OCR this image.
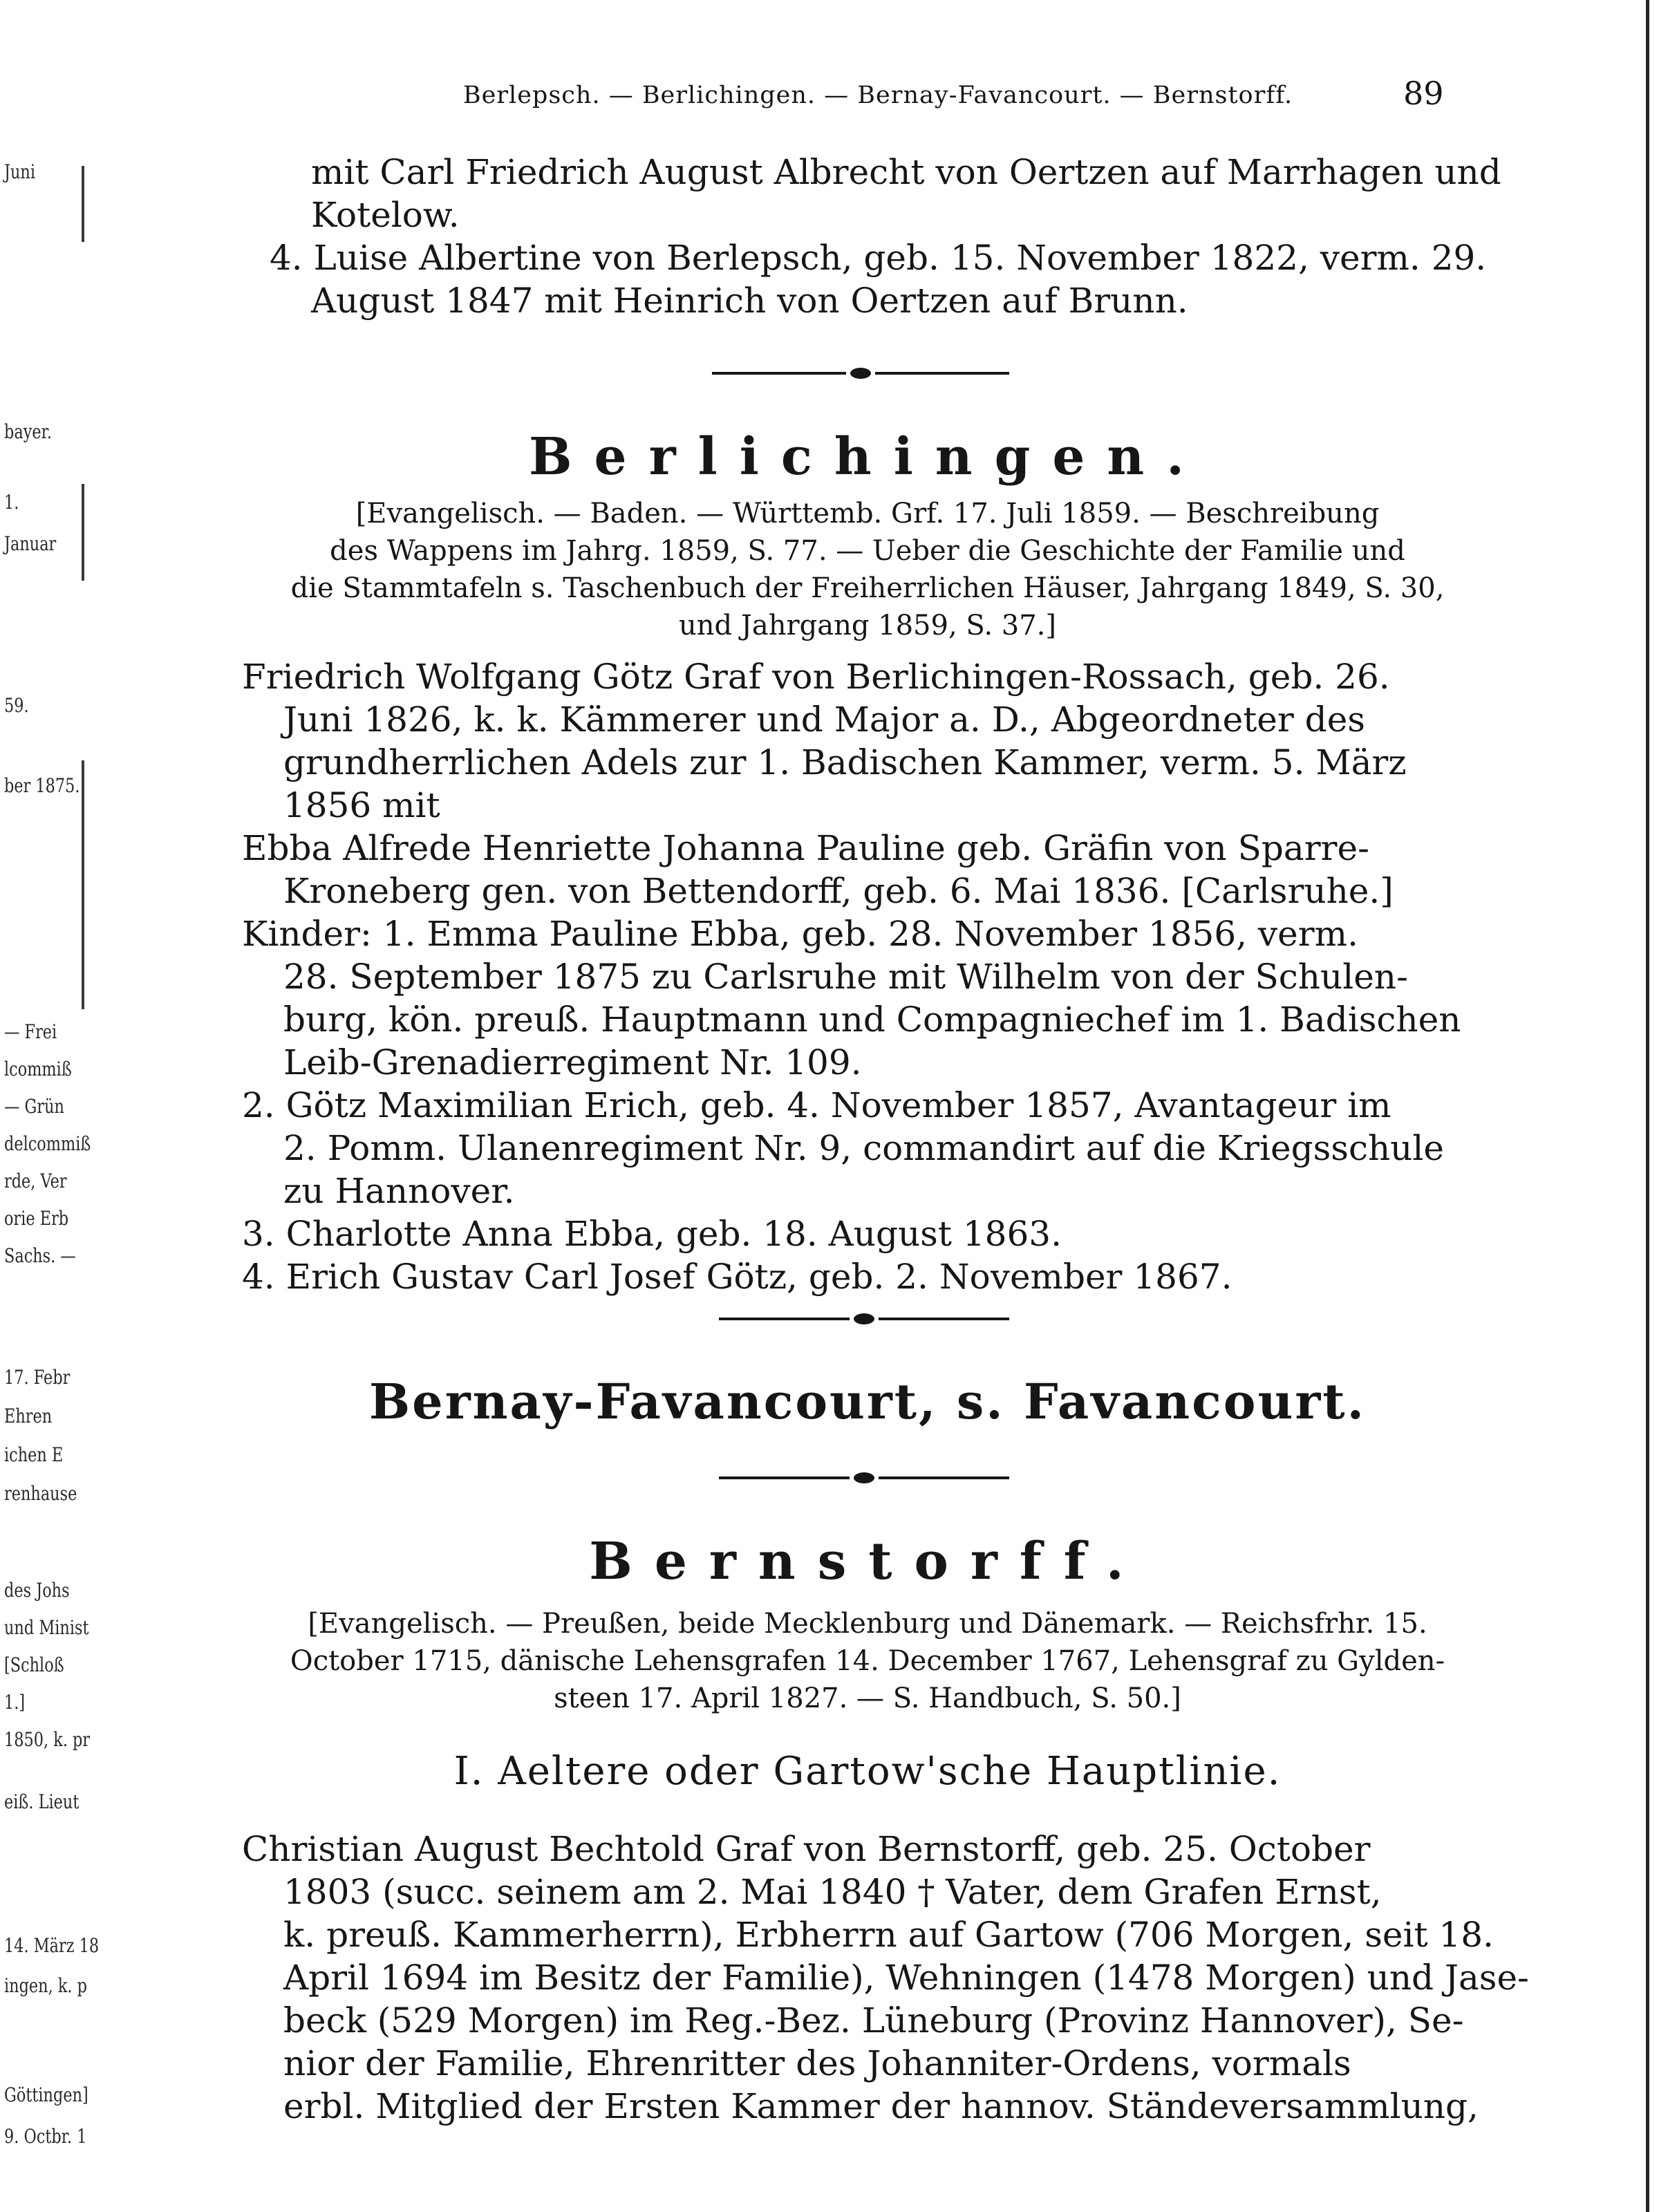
Juni
bayer.
1.
Januar
59.
ber 1875.
— Frei
lcommiß
— Grün
delcommiß
rde, Ver
orie Erb
Sachs. —
17. Febr
Ehren
ichen E
renhause
des Johs
und Minist
[Schloß
1.]
1850, k. pr
eiß. Lieut
14. März 18
ingen, k. p
Göttingen]
9. Octbr. 1
Berlepsch. — Berlichingen. — Bernay-Favancourt. — Bernstorff.	89
mit Carl Friedrich August Albrecht von Oertzen auf Marrhagen und
Kotelow.
4. Luise Albertine von Berlepsch, geb. 15. November 1822, verm. 29.
August 1847 mit Heinrich von Oertzen auf Brunn.
Berlichingen.
[Evangelisch. — Baden. — Württemb. Grf. 17. Juli 1859. — Beschreibung
des Wappens im Jahrg. 1859, S. 77. — Ueber die Geschichte der Familie und
die Stammtafeln s. Taschenbuch der Freiherrlichen Häuser, Jahrgang 1849, S. 30,
und Jahrgang 1859, S. 37.]
Friedrich Wolfgang Götz Graf von Berlichingen-Rossach, geb. 26.
Juni 1826, k. k. Kämmerer und Major a. D., Abgeordneter des
grundherrlichen Adels zur 1. Badischen Kammer, verm. 5. März
1856 mit
Ebba Alfrede Henriette Johanna Pauline geb. Gräfin von Sparre-
Kroneberg gen. von Bettendorff, geb. 6. Mai 1836. [Carlsruhe.]
Kinder: 1. Emma Pauline Ebba, geb. 28. November 1856, verm.
28. September 1875 zu Carlsruhe mit Wilhelm von der Schulen-
burg, kön. preuß. Hauptmann und Compagniechef im 1. Badischen
Leib-Grenadierregiment Nr. 109.
2. Götz Maximilian Erich, geb. 4. November 1857, Avantageur im
2. Pomm. Ulanenregiment Nr. 9, commandirt auf die Kriegsschule
zu Hannover.
3. Charlotte Anna Ebba, geb. 18. August 1863.
4. Erich Gustav Carl Josef Götz, geb. 2. November 1867.
Bernay-Favancourt, s. Favancourt.
Bernstorff.
[Evangelisch. — Preußen, beide Mecklenburg und Dänemark. — Reichsfrhr. 15.
October 1715, dänische Lehensgrafen 14. December 1767, Lehensgraf zu Gylden-
steen 17. April 1827. — S. Handbuch, S. 50.]
I. Aeltere oder Gartow'sche Hauptlinie.
Christian August Bechtold Graf von Bernstorff, geb. 25. October
1803 (succ. seinem am 2. Mai 1840 † Vater, dem Grafen Ernst,
k. preuß. Kammerherrn), Erbherrn auf Gartow (706 Morgen, seit 18.
April 1694 im Besitz der Familie), Wehningen (1478 Morgen) und Jase-
beck (529 Morgen) im Reg.-Bez. Lüneburg (Provinz Hannover), Se-
nior der Familie, Ehrenritter des Johanniter-Ordens, vormals
erbl. Mitglied der Ersten Kammer der hannov. Ständeversammlung,
